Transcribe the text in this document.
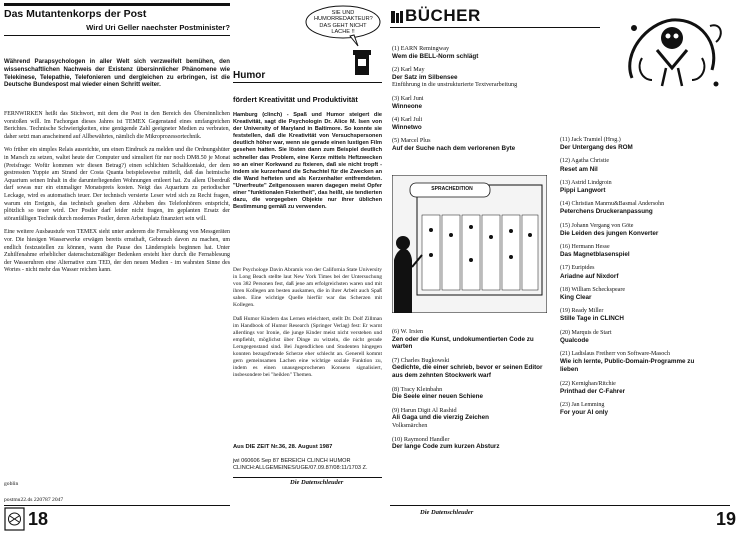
Das Mutantenkorps der Post
Wird Uri Geller naechster Postminister?
Während Parapsychologen in aller Welt sich verzweifelt bemühen, den wissenschaftlichen Nachweis der Existenz übersinnlicher Phänomene wie Telekinese, Telepathie, Telefonieren und dergleichen zu erbringen, ist die Deutsche Bundespost mal wieder einen Schritt weiter.

FERNWIRKEN heißt das Stichwort, mit dem die Post in den Bereich des Übersinnlichen vorstoßen will. Im Fachorgan dieses Jahres ist TEMEX Gegenstand eines umfangreichen Berichtes. Technische Schwierigkeiten, eine genügende Zahl geeigneter Medien zu verbraten, daher setzt man anscheinend auf Allbewährtes, nämlich die Mikroprozessortechnik.

Wo früher ein simples Relais ausreichte, um einen Eindruck zu melden und die Ordnungshüter in Marsch zu setzen, waltet heute der Computer und simuliert für nur noch DM8.50 je Monat (Preisfrage: Wofür kommen wir diesen Betrag?) einen schlichten Schaltkontakt, der dem gestressten Yuppie am Strand der Costa Quanta beispielsweise mitteilt, daß das heimische Aquarium seinen Inhalt in die darunterliegenden Wohnungen entleert hat. Zu allem Überdruß darf sowas nur ein einmaliger Monatspreis kosten. Neigt das Aquarium zu periodischer Leckage, wird es automatisch teuer. Der technisch versierte Leser wird sich zu Recht fragen, warum ein Ereignis, das technisch gesehen dem Abheben des Telefonhörers entspricht, plötzlich so teuer wird. Der Postler darf leider nicht fragen, im geplanten Ersatz der störanfälligen Technik durch modernes Postler, deren Arbeitsplatz finanziert sein will.

Eine weitere Ausbaustufe von TEMEX sieht unter anderem die Fernablesung von Messgeräten vor. Die hiesigen Wasserwerke erwägen bereits ernsthaft, Gebrauch davon zu machen, um endlich festzustellen zu können, wann die Pause des Länderspiels beginnen hat. Unter Zuhilfenahme erheblicher datenschutzmäßiger Bedenken ersteht hier durch die Fernablesung der Wasseruhren eine Alternative zum TED, der den neuen Medien - im wahrsten Sinne des Wortes - nicht mehr das Wasser reichen kann.

goblin
postmu22.ds 220787 2047
18
SIE UND HUMORREDAKTEUR? DAS GEHT NICHT LACHE !!
Humor
fördert Kreativität und Produktivität
Hamburg (clinch) - Spaß und Humor steigert die Kreativität, sagt die Psychologin Dr. Alice M. Isen von der University of Maryland in Baltimore. So konnte sie feststellen, daß die Kreativität von Versuchspersonen deutlich höher war, wenn sie gerade einen lustigen Film gesehen hatten. Sie lösten dann zum Beispiel deutlich schneller das Problem, eine Kerze mittels Heftzwecken so an einer Korkwand zu fixieren, daß sie nicht tropft - indem sie kurzerhand die Schachtel für die Zwecken an die Wand hefteten und als Kerzenhalter entfremdeten. "Unerfreute" Zeitgenossen waren dagegen meist Opfer einer "funktionalen Fixiertheit", das heißt, sie tendierten dazu, die vorgegeben Objekte nur ihrer üblichen Bestimmung gemäß zu verwenden.

Der Psychologe Davin Abramis von der California State University in Long Beach stellte laut New York Times bei der Untersuchung von 382 Personen fest, daß jene am erfolgreichsten waren und mit ihren Kollegen am besten auskamen, die in ihrer Arbeit auch Spaß sahen. Eine wichtige Quelle hierfür war das Scherzen mit Kollegen.

Daß Humor Kindern das Lernen erleichtert, stellt Dr. Dolf Zillman im Handbook of Humor Research (Springer Verlag) fest: Er warnt allerdings vor Ironie, die junge Kinder meist nicht verstehen und empfiehlt, möglichst über Dinge zu witzeln, die nicht gerade Lerngegenstand sind. Bei Jugendlichen und Studenten hingegen konnten bezugsfremde Scherze eher schlecht an. Generell kommt gern gemeinsamen Lachen eine wichtige soziale Funktion zu, indem es einen unausgesprochenen Konsens signalisiert, insbesondere bei "heiklen" Themen.

Aus DIE ZEIT Nr.36, 28. August 1987
jwi 060606 Sep 87 BEREICH CLINCH HUMOR CLINCH:ALLGEMEINES/UGE/07.09.87/08:11/1703 Z.
Die Datenschleuder
BÜCHER
(1) EARN Remingway
Wem die BELL-Norm schlägt
(2) Karl May
Der Satz im Silbensee
Einführung in die unstrukturierte Textverarbeitung
(3) Karl Juni
Winneone
(4) Karl Juli
Winnetwo
(5) Marcel Plus
Auf der Suche nach dem verlorenen Byte
SPRACHEDITION
(6) W. Irsien
Zen oder die Kunst, undokumentierten Code zu warten
(7) Charles Bugkowski
Gedichte, die einer schrieb, bevor er seinen Editor aus dem zehnten Stockwerk warf
(8) Tracy Kleinbahn
Die Seele einer neuen Schiene
(9) Harun Digit Al Rashid
Ali Gaga und die vierzig Zeichen
Volksmärchen
(10) Raymond Handler
Der lange Code zum kurzen Absturz
(11) Jack Tramiel (Hrsg.)
Der Untergang des ROM
(12) Agatha Christie
Reset am Nil
(13) Astrid Lindgroin
Pippi Langwort
(14) Christian Manrnu&Basmal Andersohn
Peterchens Druckeranpassung
(15) Johann Vergang von Göte
Die Leiden des jungen Konverter
(16) Hermann Hesse
Das Magnetblasenspiel
(17) Euripides
Ariadne auf Nixdorf
(18) William Scheckspeare
King Clear
(19) Ready Miller
Stille Tage in CLINCH
(20) Marquis de Start
Qualcode
(21) Ladislaus Freiherr von Software-Masoch
Wie ich lernte, Public-Domain-Programme zu lieben
(22) Kernighan/Ritchie
Printhad der C-Fahrer
(23) Jan Lemming
For your AI only
Die Datenschleuder	19
